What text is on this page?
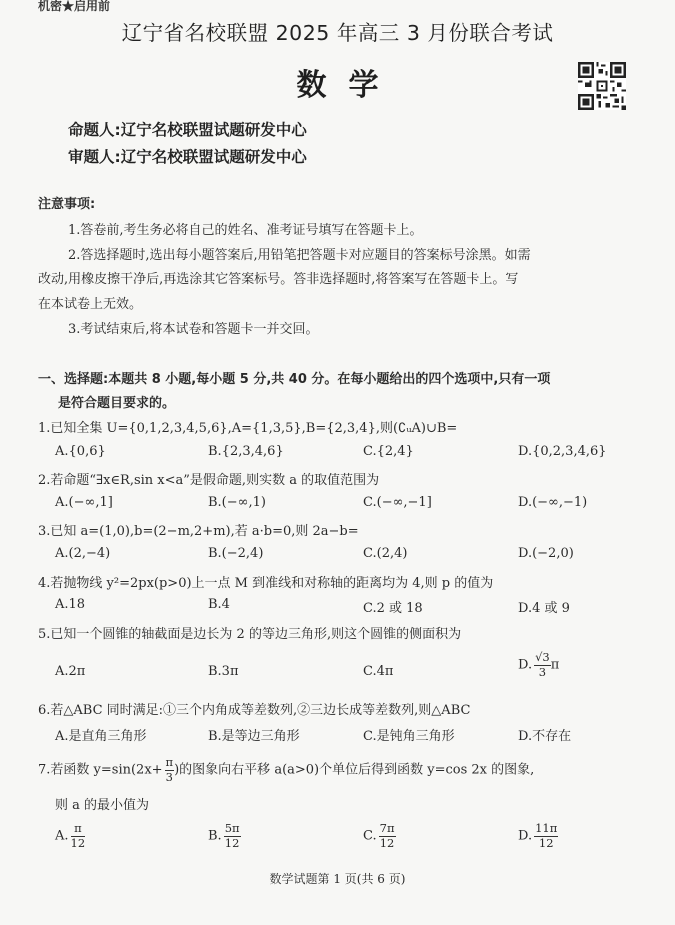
机密★启用前
辽宁省名校联盟 2025 年高三 3 月份联合考试
数学
命题人:辽宁名校联盟试题研发中心
审题人:辽宁名校联盟试题研发中心
注意事项:
1.答卷前,考生务必将自己的姓名、准考证号填写在答题卡上。
2.答选择题时,选出每小题答案后,用铅笔把答题卡对应题目的答案标号涂黑。如需
改动,用橡皮擦干净后,再选涂其它答案标号。答非选择题时,将答案写在答题卡上。写
在本试卷上无效。
3.考试结束后,将本试卷和答题卡一并交回。
一、选择题:本题共 8 小题,每小题 5 分,共 40 分。在每小题给出的四个选项中,只有一项
是符合题目要求的。
1.已知全集 U={0,1,2,3,4,5,6},A={1,3,5},B={2,3,4},则(∁ᵤA)∪B=
A.{0,6}	B.{2,3,4,6}	C.{2,4}	D.{0,2,3,4,6}
2.若命题“∃x∈R,sin x<a”是假命题,则实数 a 的取值范围为
A.(−∞,1]	B.(−∞,1)	C.(−∞,−1]	D.(−∞,−1)
3.已知 a=(1,0),b=(2−m,2+m),若 a·b=0,则 2a−b=
A.(2,−4)	B.(−2,4)	C.(2,4)	D.(−2,0)
4.若抛物线 y²=2px(p>0)上一点 M 到准线和对称轴的距离均为 4,则 p 的值为
A.18	B.4	C.2 或 18	D.4 或 9
5.已知一个圆锥的轴截面是边长为 2 的等边三角形,则这个圆锥的侧面积为
A.2π	B.3π	C.4π	D. $\frac{√3}{3}$ π
6.若△ABC 同时满足:①三个内角成等差数列,②三边长成等差数列,则△ABC
A.是直角三角形	B.是等边三角形	C.是钝角三角形	D.不存在
7.若函数 $y=\sin(2x+ \frac{\pi}{3}$ )的图象向右平移 a(a>0)个单位后得到函数 y=cos 2x 的图象,
则 a 的最小值为
A. $\frac{\pi}{12}$	B. $\frac{5\pi}{12}$	C. $\frac{7\pi}{12}$	D. $\frac{11\pi}{12}$
数学试题第 1 页(共 6 页)
